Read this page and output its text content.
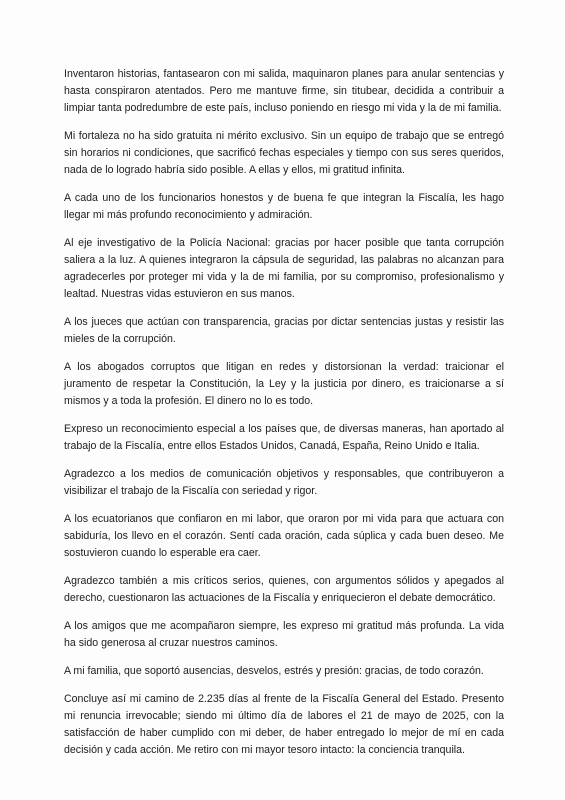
Inventaron historias, fantasearon con mi salida, maquinaron planes para anular sentencias y hasta conspiraron atentados. Pero me mantuve firme, sin titubear, decidida a contribuir a limpiar tanta podredumbre de este país, incluso poniendo en riesgo mi vida y la de mi familia.

Mi fortaleza no ha sido gratuita ni mérito exclusivo. Sin un equipo de trabajo que se entregó sin horarios ni condiciones, que sacrificó fechas especiales y tiempo con sus seres queridos, nada de lo logrado habría sido posible. A ellas y ellos, mi gratitud infinita.

A cada uno de los funcionarios honestos y de buena fe que integran la Fiscalía, les hago llegar mi más profundo reconocimiento y admiración.

Al eje investigativo de la Policía Nacional: gracias por hacer posible que tanta corrupción saliera a la luz. A quienes integraron la cápsula de seguridad, las palabras no alcanzan para agradecerles por proteger mi vida y la de mi familia, por su compromiso, profesionalismo y lealtad. Nuestras vidas estuvieron en sus manos.

A los jueces que actúan con transparencia, gracias por dictar sentencias justas y resistir las mieles de la corrupción.

A los abogados corruptos que litigan en redes y distorsionan la verdad: traicionar el juramento de respetar la Constitución, la Ley y la justicia por dinero, es traicionarse a sí mismos y a toda la profesión. El dinero no lo es todo.

Expreso un reconocimiento especial a los países que, de diversas maneras, han aportado al trabajo de la Fiscalía, entre ellos Estados Unidos, Canadá, España, Reino Unido e Italia.

Agradezco a los medios de comunicación objetivos y responsables, que contribuyeron a visibilizar el trabajo de la Fiscalía con seriedad y rigor.

A los ecuatorianos que confiaron en mi labor, que oraron por mi vida para que actuara con sabiduría, los llevo en el corazón. Sentí cada oración, cada súplica y cada buen deseo. Me sostuvieron cuando lo esperable era caer.

Agradezco también a mis críticos serios, quienes, con argumentos sólidos y apegados al derecho, cuestionaron las actuaciones de la Fiscalía y enriquecieron el debate democrático.

A los amigos que me acompañaron siempre, les expreso mi gratitud más profunda. La vida ha sido generosa al cruzar nuestros caminos.

A mi familia, que soportó ausencias, desvelos, estrés y presión: gracias, de todo corazón.

Concluye así mi camino de 2.235 días al frente de la Fiscalía General del Estado. Presento mi renuncia irrevocable; siendo mi último día de labores el 21 de mayo de 2025, con la satisfacción de haber cumplido con mi deber, de haber entregado lo mejor de mí en cada decisión y cada acción. Me retiro con mi mayor tesoro intacto: la conciencia tranquila.
